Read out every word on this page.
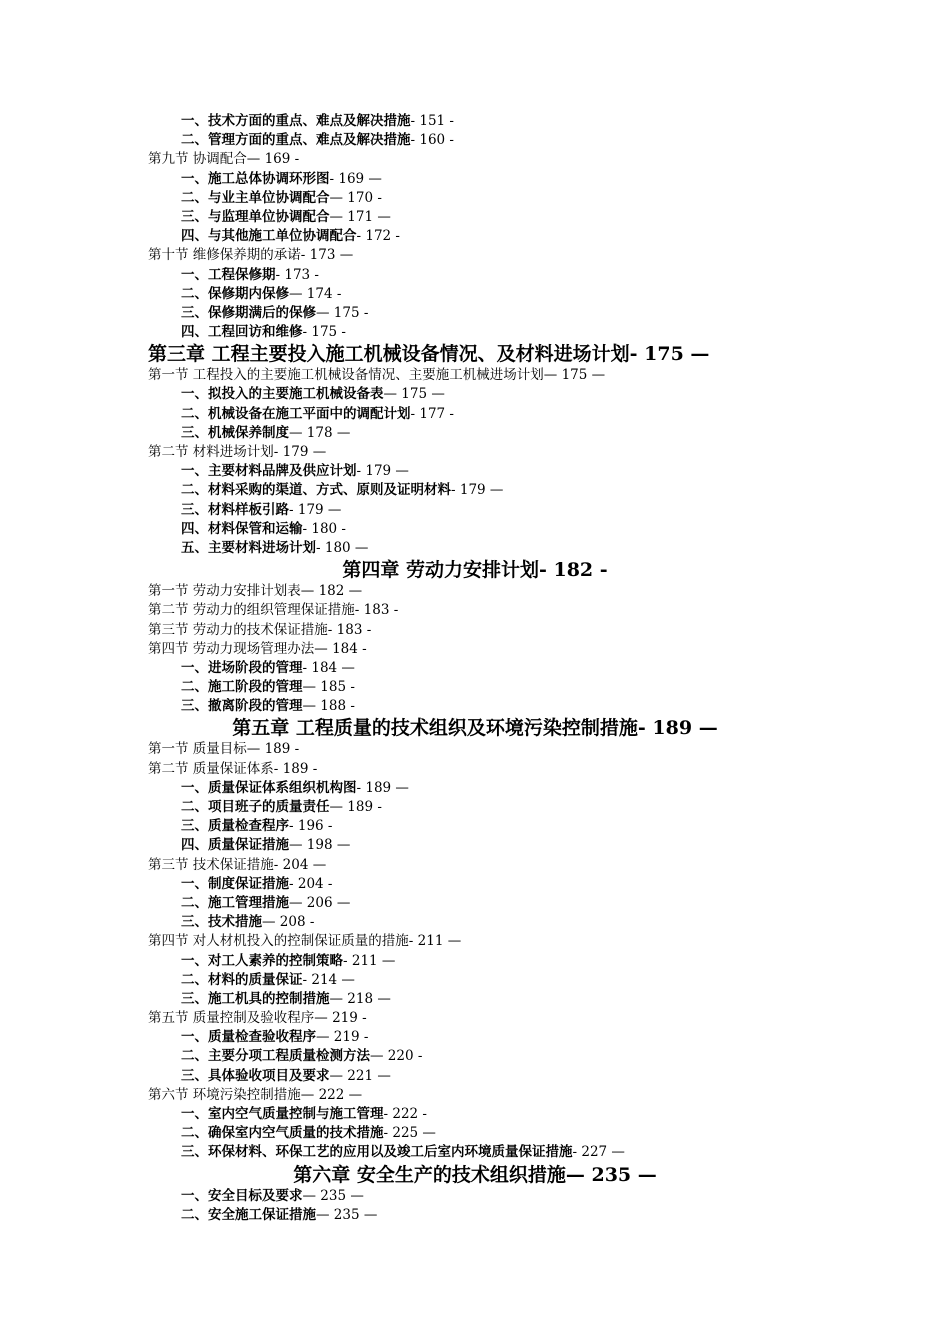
一、技术方面的重点、难点及解决措施- 151 -
二、管理方面的重点、难点及解决措施- 160 -
第九节 协调配合— 169 -
一、施工总体协调环形图- 169 —
二、与业主单位协调配合— 170 -
三、与监理单位协调配合— 171 —
四、与其他施工单位协调配合- 172 -
第十节 维修保养期的承诺- 173 —
一、工程保修期- 173 -
二、保修期内保修— 174 -
三、保修期满后的保修— 175 -
四、工程回访和维修- 175 -
第三章 工程主要投入施工机械设备情况、及材料进场计划- 175 —
第一节 工程投入的主要施工机械设备情况、主要施工机械进场计划— 175 —
一、拟投入的主要施工机械设备表— 175 —
二、机械设备在施工平面中的调配计划- 177 -
三、机械保养制度— 178 —
第二节 材料进场计划- 179 —
一、主要材料品牌及供应计划- 179 —
二、材料采购的渠道、方式、原则及证明材料- 179 —
三、材料样板引路- 179 —
四、材料保管和运输- 180 -
五、主要材料进场计划- 180 —
第四章 劳动力安排计划- 182 -
第一节 劳动力安排计划表— 182 —
第二节 劳动力的组织管理保证措施- 183 -
第三节 劳动力的技术保证措施- 183 -
第四节 劳动力现场管理办法— 184 -
一、进场阶段的管理- 184 —
二、施工阶段的管理— 185 -
三、撤离阶段的管理— 188 -
第五章 工程质量的技术组织及环境污染控制措施- 189 —
第一节 质量目标— 189 -
第二节 质量保证体系- 189 -
一、质量保证体系组织机构图- 189 —
二、项目班子的质量责任— 189 -
三、质量检查程序- 196 -
四、质量保证措施— 198 —
第三节 技术保证措施- 204 —
一、制度保证措施- 204 -
二、施工管理措施— 206 —
三、技术措施— 208 -
第四节 对人材机投入的控制保证质量的措施- 211 —
一、对工人素养的控制策略- 211 —
二、材料的质量保证- 214 —
三、施工机具的控制措施— 218 —
第五节 质量控制及验收程序— 219 -
一、质量检查验收程序— 219 -
二、主要分项工程质量检测方法— 220 -
三、具体验收项目及要求— 221 —
第六节 环境污染控制措施— 222 —
一、室内空气质量控制与施工管理- 222 -
二、确保室内空气质量的技术措施- 225 —
三、环保材料、环保工艺的应用以及竣工后室内环境质量保证措施- 227 —
第六章 安全生产的技术组织措施— 235 —
一、安全目标及要求— 235 —
二、安全施工保证措施— 235 —
